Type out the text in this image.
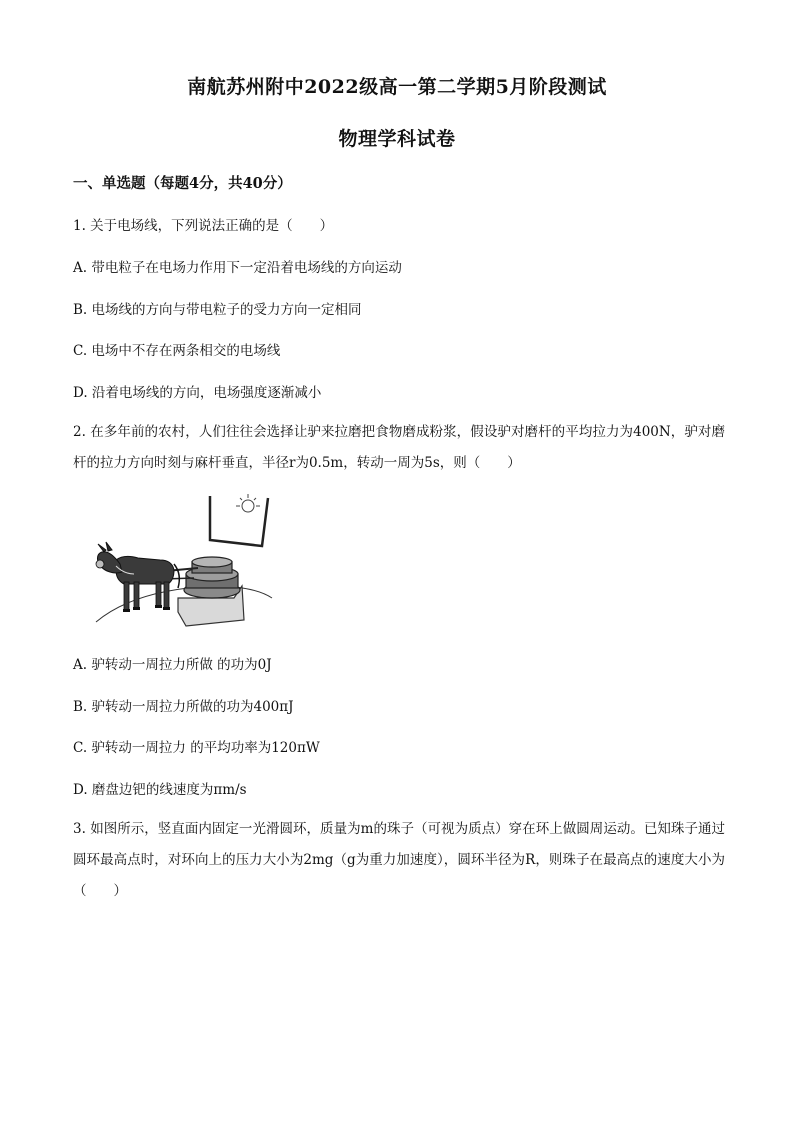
南航苏州附中2022级高一第二学期5月阶段测试
物理学科试卷
一、单选题（每题4分，共40分）
1. 关于电场线，下列说法正确的是（　　）
A. 带电粒子在电场力作用下一定沿着电场线的方向运动
B. 电场线的方向与带电粒子的受力方向一定相同
C. 电场中不存在两条相交的电场线
D. 沿着电场线的方向，电场强度逐渐减小
2. 在多年前的农村，人们往往会选择让驴来拉磨把食物磨成粉浆，假设驴对磨杆的平均拉力为400N，驴对磨杆的拉力方向时刻与麻杆垂直，半径r为0.5m，转动一周为5s，则（　　）
A. 驴转动一周拉力所做 的功为0J
B. 驴转动一周拉力所做的功为400πJ
C. 驴转动一周拉力 的平均功率为120πW
D. 磨盘边钯的线速度为πm/s
3. 如图所示，竖直面内固定一光滑圆环，质量为m的珠子（可视为质点）穿在环上做圆周运动。已知珠子通过圆环最高点时，对环向上的压力大小为2mg（g为重力加速度），圆环半径为R，则珠子在最高点的速度大小为（　　）
